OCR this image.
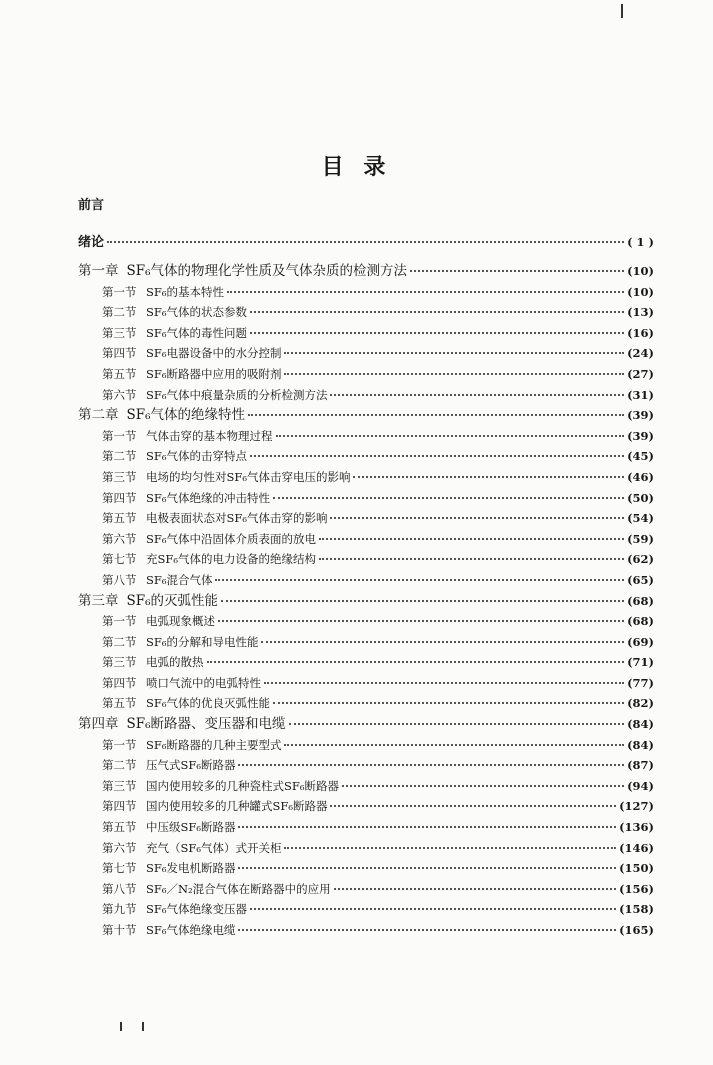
目 录
前言
绪论	( 1 )
第一章 SF₆气体的物理化学性质及气体杂质的检测方法	(10)
第一节 SF₆的基本特性	(10)
第二节 SF₆气体的状态参数	(13)
第三节 SF₆气体的毒性问题	(16)
第四节 SF₆电器设备中的水分控制	(24)
第五节 SF₆断路器中应用的吸附剂	(27)
第六节 SF₆气体中痕量杂质的分析检测方法	(31)
第二章 SF₆气体的绝缘特性	(39)
第一节 气体击穿的基本物理过程	(39)
第二节 SF₆气体的击穿特点	(45)
第三节 电场的均匀性对SF₆气体击穿电压的影响	(46)
第四节 SF₆气体绝缘的冲击特性	(50)
第五节 电极表面状态对SF₆气体击穿的影响	(54)
第六节 SF₆气体中沿固体介质表面的放电	(59)
第七节 充SF₆气体的电力设备的绝缘结构	(62)
第八节 SF₆混合气体	(65)
第三章 SF₆的灭弧性能	(68)
第一节 电弧现象概述	(68)
第二节 SF₆的分解和导电性能	(69)
第三节 电弧的散热	(71)
第四节 喷口气流中的电弧特性	(77)
第五节 SF₆气体的优良灭弧性能	(82)
第四章 SF₆断路器、变压器和电缆	(84)
第一节 SF₆断路器的几种主要型式	(84)
第二节 压气式SF₆断路器	(87)
第三节 国内使用较多的几种瓷柱式SF₆断路器	(94)
第四节 国内使用较多的几种罐式SF₆断路器	(127)
第五节 中压级SF₆断路器	(136)
第六节 充气（SF₆气体）式开关柜	(146)
第七节 SF₆发电机断路器	(150)
第八节 SF₆／N₂混合气体在断路器中的应用	(156)
第九节 SF₆气体绝缘变压器	(158)
第十节 SF₆气体绝缘电缆	(165)
